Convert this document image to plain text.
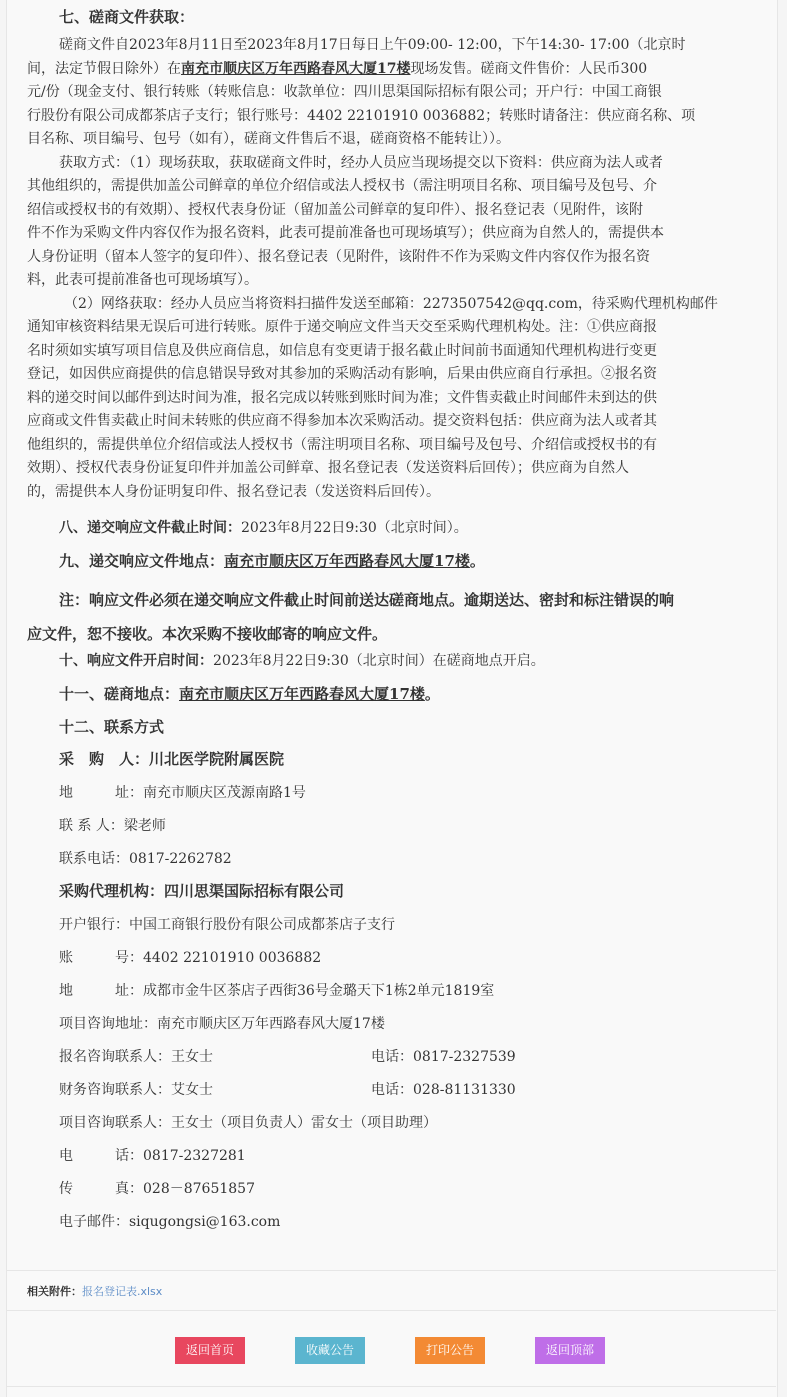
七、磋商文件获取：
磋商文件自2023年8月11日至2023年8月17日每日上午09:00- 12:00，下午14:30- 17:00（北京时
间，法定节假日除外）在南充市顺庆区万年西路春风大厦17楼现场发售。磋商文件售价：人民币300
元/份（现金支付、银行转账（转账信息：收款单位：四川思渠国际招标有限公司；开户行：中国工商银
行股份有限公司成都茶店子支行；银行账号：4402 22101910 0036882；转账时请备注：供应商名称、项
目名称、项目编号、包号（如有），磋商文件售后不退，磋商资格不能转让））。
获取方式：（1）现场获取，获取磋商文件时，经办人员应当现场提交以下资料：供应商为法人或者
其他组织的，需提供加盖公司鲜章的单位介绍信或法人授权书（需注明项目名称、项目编号及包号、介
绍信或授权书的有效期）、授权代表身份证（留加盖公司鲜章的复印件）、报名登记表（见附件，该附
件不作为采购文件内容仅作为报名资料，此表可提前准备也可现场填写）；供应商为自然人的，需提供本
人身份证明（留本人签字的复印件）、报名登记表（见附件，该附件不作为采购文件内容仅作为报名资
料，此表可提前准备也可现场填写）。
（2）网络获取：经办人员应当将资料扫描件发送至邮箱：2273507542@qq.com，待采购代理机构邮件
通知审核资料结果无误后可进行转账。原件于递交响应文件当天交至采购代理机构处。注：①供应商报
名时须如实填写项目信息及供应商信息，如信息有变更请于报名截止时间前书面通知代理机构进行变更
登记，如因供应商提供的信息错误导致对其参加的采购活动有影响，后果由供应商自行承担。②报名资
料的递交时间以邮件到达时间为准，报名完成以转账到账时间为准；文件售卖截止时间邮件未到达的供
应商或文件售卖截止时间未转账的供应商不得参加本次采购活动。提交资料包括：供应商为法人或者其
他组织的，需提供单位介绍信或法人授权书（需注明项目名称、项目编号及包号、介绍信或授权书的有
效期）、授权代表身份证复印件并加盖公司鲜章、报名登记表（发送资料后回传）；供应商为自然人
的，需提供本人身份证明复印件、报名登记表（发送资料后回传）。
八、递交响应文件截止时间：2023年8月22日9:30（北京时间）。
九、递交响应文件地点：南充市顺庆区万年西路春风大厦17楼。
注：响应文件必须在递交响应文件截止时间前送达磋商地点。逾期送达、密封和标注错误的响
应文件，恕不接收。本次采购不接收邮寄的响应文件。
十、响应文件开启时间：2023年8月22日9:30（北京时间）在磋商地点开启。
十一、磋商地点：南充市顺庆区万年西路春风大厦17楼。
十二、联系方式
采　购　人：川北医学院附属医院
地　　　址：南充市顺庆区茂源南路1号
联 系 人：梁老师
联系电话：0817-2262782
采购代理机构：四川思渠国际招标有限公司
开户银行：中国工商银行股份有限公司成都茶店子支行
账　　　号：4402 22101910 0036882
地　　　址：成都市金牛区茶店子西街36号金璐天下1栋2单元1819室
项目咨询地址：南充市顺庆区万年西路春风大厦17楼
报名咨询联系人：王女士	电话：0817-2327539
财务咨询联系人：艾女士	电话：028-81131330
项目咨询联系人：王女士（项目负责人）雷女士（项目助理）
电　　　话：0817-2327281
传　　　真：028－87651857
电子邮件：siqugongsi@163.com
相关附件：报名登记表.xlsx
返回首页	收藏公告	打印公告	返回顶部
